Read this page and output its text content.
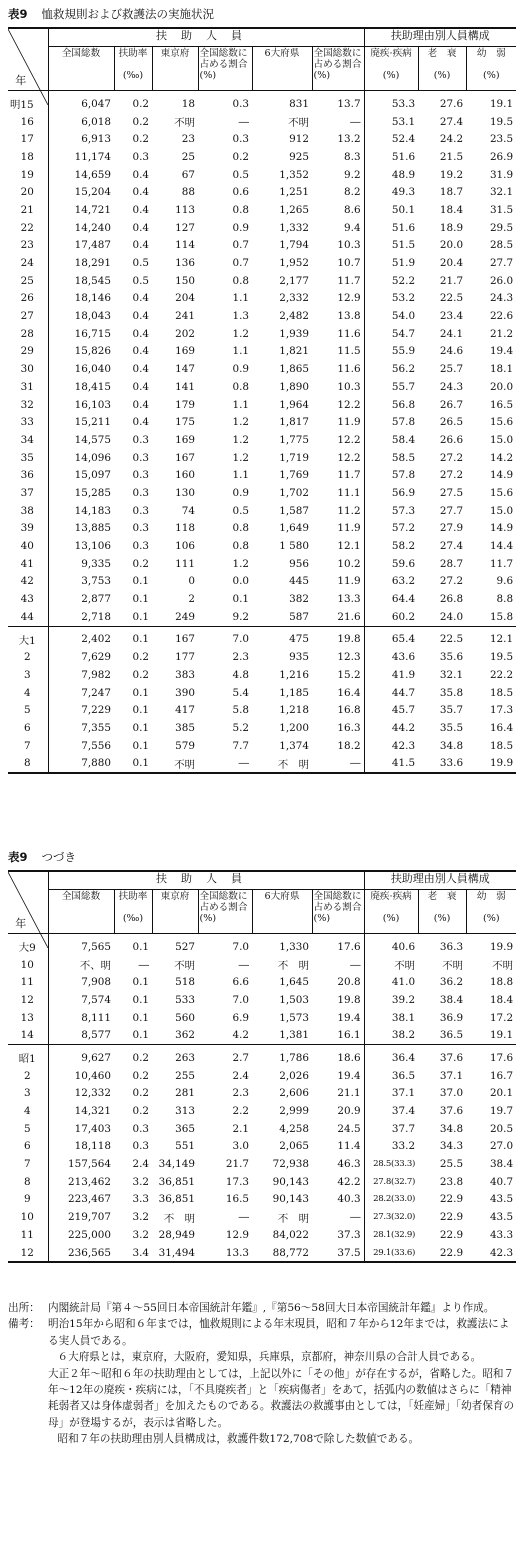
表9 恤救規則および救護法の実施状況
年	扶助人員						扶助理由別人員構成		
	全国総数	扶助率	東京府	全国総数に占める割合(%)	6大府県	全国総数に占める割合(%)	廃疾·疾病	老　衰	幼　弱
		(‰)					(%)	(%)	(%)
明15	6,047	0.2	18	0.3	831	13.7	53.3	27.6	19.1
16	6,018	0.2	不明	―	不明	―	53.1	27.4	19.5
17	6,913	0.2	23	0.3	912	13.2	52.4	24.2	23.5
18	11,174	0.3	25	0.2	925	8.3	51.6	21.5	26.9
19	14,659	0.4	67	0.5	1,352	9.2	48.9	19.2	31.9
20	15,204	0.4	88	0.6	1,251	8.2	49.3	18.7	32.1
21	14,721	0.4	113	0.8	1,265	8.6	50.1	18.4	31.5
22	14,240	0.4	127	0.9	1,332	9.4	51.6	18.9	29.5
23	17,487	0.4	114	0.7	1,794	10.3	51.5	20.0	28.5
24	18,291	0.5	136	0.7	1,952	10.7	51.9	20.4	27.7
25	18,545	0.5	150	0.8	2,177	11.7	52.2	21.7	26.0
26	18,146	0.4	204	1.1	2,332	12.9	53.2	22.5	24.3
27	18,043	0.4	241	1.3	2,482	13.8	54.0	23.4	22.6
28	16,715	0.4	202	1.2	1,939	11.6	54.7	24.1	21.2
29	15,826	0.4	169	1.1	1,821	11.5	55.9	24.6	19.4
30	16,040	0.4	147	0.9	1,865	11.6	56.2	25.7	18.1
31	18,415	0.4	141	0.8	1,890	10.3	55.7	24.3	20.0
32	16,103	0.4	179	1.1	1,964	12.2	56.8	26.7	16.5
33	15,211	0.4	175	1.2	1,817	11.9	57.8	26.5	15.6
34	14,575	0.3	169	1.2	1,775	12.2	58.4	26.6	15.0
35	14,096	0.3	167	1.2	1,719	12.2	58.5	27.2	14.2
36	15,097	0.3	160	1.1	1,769	11.7	57.8	27.2	14.9
37	15,285	0.3	130	0.9	1,702	11.1	56.9	27.5	15.6
38	14,183	0.3	74	0.5	1,587	11.2	57.3	27.7	15.0
39	13,885	0.3	118	0.8	1,649	11.9	57.2	27.9	14.9
40	13,106	0.3	106	0.8	1 580	12.1	58.2	27.4	14.4
41	9,335	0.2	111	1.2	956	10.2	59.6	28.7	11.7
42	3,753	0.1	0	0.0	445	11.9	63.2	27.2	9.6
43	2,877	0.1	2	0.1	382	13.3	64.4	26.8	8.8
44	2,718	0.1	249	9.2	587	21.6	60.2	24.0	15.8
大1	2,402	0.1	167	7.0	475	19.8	65.4	22.5	12.1
2	7,629	0.2	177	2.3	935	12.3	43.6	35.6	19.5
3	7,982	0.2	383	4.8	1,216	15.2	41.9	32.1	22.2
4	7,247	0.1	390	5.4	1,185	16.4	44.7	35.8	18.5
5	7,229	0.1	417	5.8	1,218	16.8	45.7	35.7	17.3
6	7,355	0.1	385	5.2	1,200	16.3	44.2	35.5	16.4
7	7,556	0.1	579	7.7	1,374	18.2	42.3	34.8	18.5
8	7,880	0.1	不明	―	不　明	―	41.5	33.6	19.9
表9 つづき
年	扶助人員						扶助理由別人員構成		
	全国総数	扶助率	東京府	全国総数に占める割合(%)	6大府県	全国総数に占める割合(%)	廃疾·疾病	老　衰	幼　弱
		(‰)					(%)	(%)	(%)
大9	7,565	0.1	527	7.0	1,330	17.6	40.6	36.3	19.9
10	不、明	―	不明	―	不　明	―	不明	不明	不明
11	7,908	0.1	518	6.6	1,645	20.8	41.0	36.2	18.8
12	7,574	0.1	533	7.0	1,503	19.8	39.2	38.4	18.4
13	8,111	0.1	560	6.9	1,573	19.4	38.1	36.9	17.2
14	8,577	0.1	362	4.2	1,381	16.1	38.2	36.5	19.1
昭1	9,627	0.2	263	2.7	1,786	18.6	36.4	37.6	17.6
2	10,460	0.2	255	2.4	2,026	19.4	36.5	37.1	16.7
3	12,332	0.2	281	2.3	2,606	21.1	37.1	37.0	20.1
4	14,321	0.2	313	2.2	2,999	20.9	37.4	37.6	19.7
5	17,403	0.3	365	2.1	4,258	24.5	37.7	34.8	20.5
6	18,118	0.3	551	3.0	2,065	11.4	33.2	34.3	27.0
7	157,564	2.4	34,149	21.7	72,938	46.3	28.5(33.3)	25.5	38.4
8	213,462	3.2	36,851	17.3	90,143	42.2	27.8(32.7)	23.8	40.7
9	223,467	3.3	36,851	16.5	90,143	40.3	28.2(33.0)	22.9	43.5
10	219,707	3.2	不　明	―	不　明	―	27.3(32.0)	22.9	43.5
11	225,000	3.2	28,949	12.9	84,022	37.3	28.1(32.9)	22.9	43.3
12	236,565	3.4	31,494	13.3	88,772	37.5	29.1(33.6)	22.9	42.3
出所： 内閣統計局『第４～55回日本帝国統計年鑑』,『第56～58回大日本帝国統計年鑑』より作成。

備考： 明治15年から昭和６年までは，恤救規則による年末現員，昭和７年から12年までは，救護法による実人員である。

６大府県とは，東京府，大阪府，愛知県，兵庫県，京都府，神奈川県の合計人員である。

大正２年～昭和６年の扶助理由としては，上記以外に「その他」が存在するが，省略した。昭和７年～12年の廃疾・疾病には，「不具廃疾者」と「疾病傷者」をあて，括弧内の数値はさらに「精神耗弱者又は身体虚弱者」を加えたものである。救護法の救護事由としては，「妊産婦」「幼者保育の母」が登場するが，表示は省略した。

昭和７年の扶助理由別人員構成は，救護件数172,708で除した数値である。
